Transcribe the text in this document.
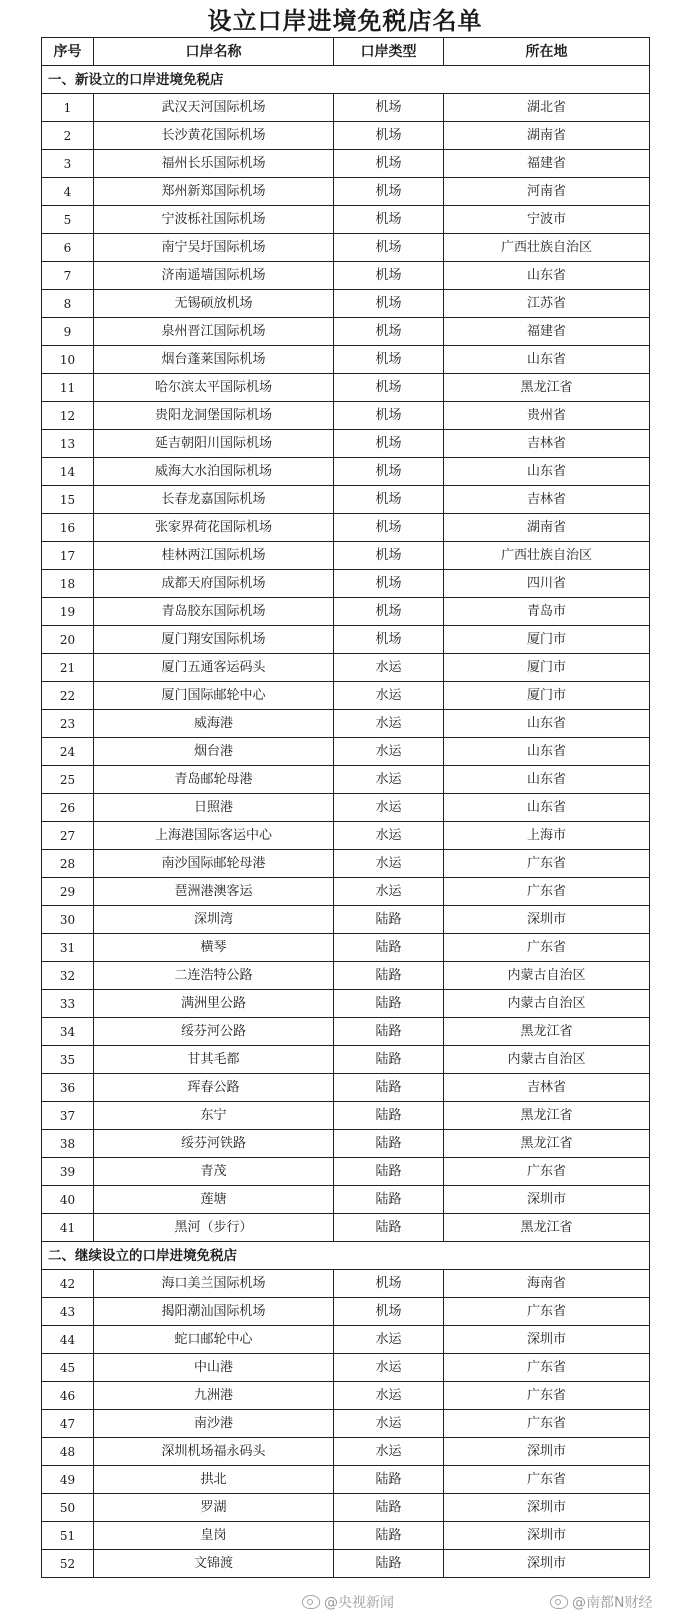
设立口岸进境免税店名单
序号	口岸名称	口岸类型	所在地
一、新设立的口岸进境免税店			
1	武汉天河国际机场	机场	湖北省
2	长沙黄花国际机场	机场	湖南省
3	福州长乐国际机场	机场	福建省
4	郑州新郑国际机场	机场	河南省
5	宁波栎社国际机场	机场	宁波市
6	南宁吴圩国际机场	机场	广西壮族自治区
7	济南遥墙国际机场	机场	山东省
8	无锡硕放机场	机场	江苏省
9	泉州晋江国际机场	机场	福建省
10	烟台蓬莱国际机场	机场	山东省
11	哈尔滨太平国际机场	机场	黑龙江省
12	贵阳龙洞堡国际机场	机场	贵州省
13	延吉朝阳川国际机场	机场	吉林省
14	威海大水泊国际机场	机场	山东省
15	长春龙嘉国际机场	机场	吉林省
16	张家界荷花国际机场	机场	湖南省
17	桂林两江国际机场	机场	广西壮族自治区
18	成都天府国际机场	机场	四川省
19	青岛胶东国际机场	机场	青岛市
20	厦门翔安国际机场	机场	厦门市
21	厦门五通客运码头	水运	厦门市
22	厦门国际邮轮中心	水运	厦门市
23	威海港	水运	山东省
24	烟台港	水运	山东省
25	青岛邮轮母港	水运	山东省
26	日照港	水运	山东省
27	上海港国际客运中心	水运	上海市
28	南沙国际邮轮母港	水运	广东省
29	琶洲港澳客运	水运	广东省
30	深圳湾	陆路	深圳市
31	横琴	陆路	广东省
32	二连浩特公路	陆路	内蒙古自治区
33	满洲里公路	陆路	内蒙古自治区
34	绥芬河公路	陆路	黑龙江省
35	甘其毛都	陆路	内蒙古自治区
36	珲春公路	陆路	吉林省
37	东宁	陆路	黑龙江省
38	绥芬河铁路	陆路	黑龙江省
39	青茂	陆路	广东省
40	莲塘	陆路	深圳市
41	黑河（步行）	陆路	黑龙江省
二、继续设立的口岸进境免税店			
42	海口美兰国际机场	机场	海南省
43	揭阳潮汕国际机场	机场	广东省
44	蛇口邮轮中心	水运	深圳市
45	中山港	水运	广东省
46	九洲港	水运	广东省
47	南沙港	水运	广东省
48	深圳机场福永码头	水运	深圳市
49	拱北	陆路	广东省
50	罗湖	陆路	深圳市
51	皇岗	陆路	深圳市
52	文锦渡	陆路	深圳市
@央视新闻	@南都N财经
